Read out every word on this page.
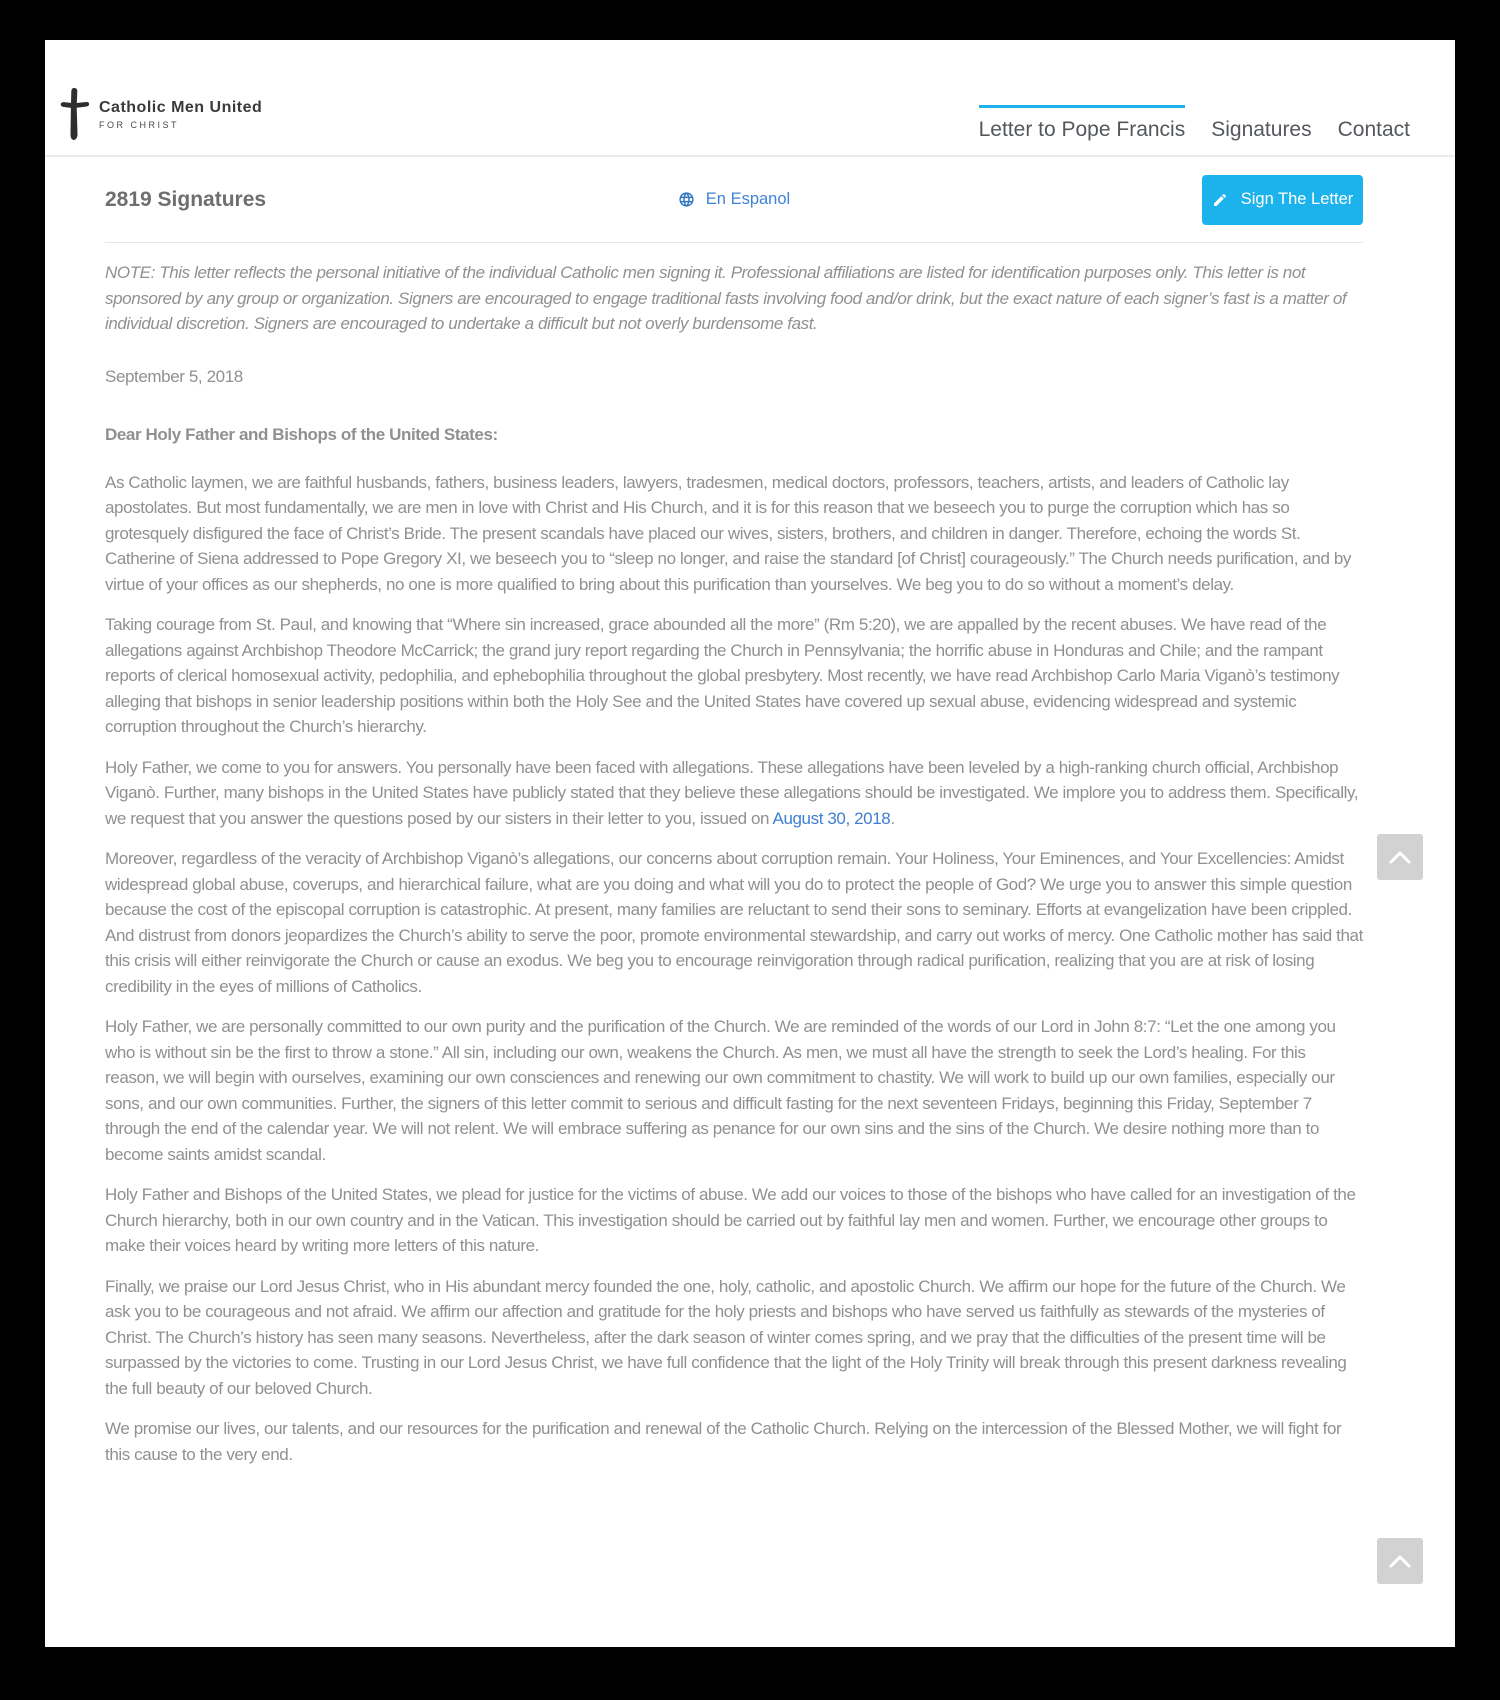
Catholic Men United
FOR CHRIST	Letter to Pope Francis Signatures Contact
2819 Signatures	En Espanol	Sign The Letter

NOTE: This letter reflects the personal initiative of the individual Catholic men signing it. Professional affiliations are listed for identification purposes only. This letter is not sponsored by any group or organization. Signers are encouraged to engage traditional fasts involving food and/or drink, but the exact nature of each signer’s fast is a matter of individual discretion. Signers are encouraged to undertake a difficult but not overly burdensome fast.

September 5, 2018

Dear Holy Father and Bishops of the United States:

As Catholic laymen, we are faithful husbands, fathers, business leaders, lawyers, tradesmen, medical doctors, professors, teachers, artists, and leaders of Catholic lay apostolates. But most fundamentally, we are men in love with Christ and His Church, and it is for this reason that we beseech you to purge the corruption which has so grotesquely disfigured the face of Christ’s Bride. The present scandals have placed our wives, sisters, brothers, and children in danger. Therefore, echoing the words St. Catherine of Siena addressed to Pope Gregory XI, we beseech you to “sleep no longer, and raise the standard [of Christ] courageously.” The Church needs purification, and by virtue of your offices as our shepherds, no one is more qualified to bring about this purification than yourselves. We beg you to do so without a moment’s delay.

Taking courage from St. Paul, and knowing that “Where sin increased, grace abounded all the more” (Rm 5:20), we are appalled by the recent abuses. We have read of the allegations against Archbishop Theodore McCarrick; the grand jury report regarding the Church in Pennsylvania; the horrific abuse in Honduras and Chile; and the rampant reports of clerical homosexual activity, pedophilia, and ephebophilia throughout the global presbytery. Most recently, we have read Archbishop Carlo Maria Viganò’s testimony alleging that bishops in senior leadership positions within both the Holy See and the United States have covered up sexual abuse, evidencing widespread and systemic corruption throughout the Church’s hierarchy.

Holy Father, we come to you for answers. You personally have been faced with allegations. These allegations have been leveled by a high-ranking church official, Archbishop Viganò. Further, many bishops in the United States have publicly stated that they believe these allegations should be investigated. We implore you to address them. Specifically, we request that you answer the questions posed by our sisters in their letter to you, issued on August 30, 2018.

Moreover, regardless of the veracity of Archbishop Viganò’s allegations, our concerns about corruption remain. Your Holiness, Your Eminences, and Your Excellencies: Amidst widespread global abuse, coverups, and hierarchical failure, what are you doing and what will you do to protect the people of God? We urge you to answer this simple question because the cost of the episcopal corruption is catastrophic. At present, many families are reluctant to send their sons to seminary. Efforts at evangelization have been crippled. And distrust from donors jeopardizes the Church’s ability to serve the poor, promote environmental stewardship, and carry out works of mercy. One Catholic mother has said that this crisis will either reinvigorate the Church or cause an exodus. We beg you to encourage reinvigoration through radical purification, realizing that you are at risk of losing credibility in the eyes of millions of Catholics.

Holy Father, we are personally committed to our own purity and the purification of the Church. We are reminded of the words of our Lord in John 8:7: “Let the one among you who is without sin be the first to throw a stone.” All sin, including our own, weakens the Church. As men, we must all have the strength to seek the Lord’s healing. For this reason, we will begin with ourselves, examining our own consciences and renewing our own commitment to chastity. We will work to build up our own families, especially our sons, and our own communities. Further, the signers of this letter commit to serious and difficult fasting for the next seventeen Fridays, beginning this Friday, September 7 through the end of the calendar year. We will not relent. We will embrace suffering as penance for our own sins and the sins of the Church. We desire nothing more than to become saints amidst scandal.

Holy Father and Bishops of the United States, we plead for justice for the victims of abuse. We add our voices to those of the bishops who have called for an investigation of the Church hierarchy, both in our own country and in the Vatican. This investigation should be carried out by faithful lay men and women. Further, we encourage other groups to make their voices heard by writing more letters of this nature.

Finally, we praise our Lord Jesus Christ, who in His abundant mercy founded the one, holy, catholic, and apostolic Church. We affirm our hope for the future of the Church. We ask you to be courageous and not afraid. We affirm our affection and gratitude for the holy priests and bishops who have served us faithfully as stewards of the mysteries of Christ. The Church’s history has seen many seasons. Nevertheless, after the dark season of winter comes spring, and we pray that the difficulties of the present time will be surpassed by the victories to come. Trusting in our Lord Jesus Christ, we have full confidence that the light of the Holy Trinity will break through this present darkness revealing the full beauty of our beloved Church.

We promise our lives, our talents, and our resources for the purification and renewal of the Catholic Church. Relying on the intercession of the Blessed Mother, we will fight for this cause to the very end.
